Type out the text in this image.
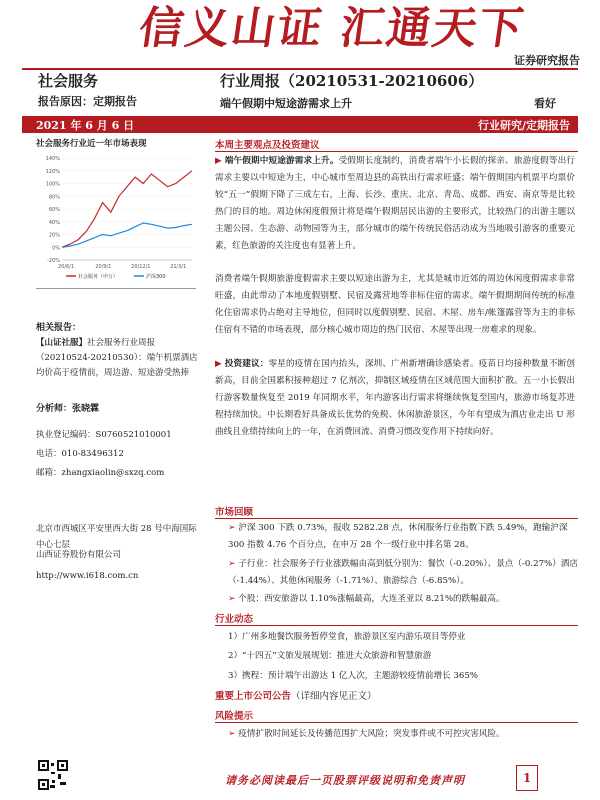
信义山证 汇通天下
证券研究报告
社会服务	行业周报（20210531-20210606）
报告原因：定期报告	端午假期中短途游需求上升	看好
2021 年 6 月 6 日	行业研究/定期报告
社会服务行业近一年市场表现
-20%
0%
20%
40%
60%
80%
100%
120%
140%
20/6/1	20/9/1	20/12/1	21/3/1
社会服务（申万）	沪深300
相关报告：
【山证社服】社会服务行业周报（20210524-20210530）：端午机票酒店均价高于疫情前，周边游、短途游受热捧
分析师：张晓霖
执业登记编码：S0760521010001
电话：010-83496312
邮箱：zhangxiaolin@sxzq.com
北京市西城区平安里西大街 28 号中海国际中心七层
山西证券股份有限公司
http://www.i618.com.cn
本周主要观点及投资建议
▶ 端午假期中短途游需求上升。受假期长度制约，消费者端午小长假的探亲、旅游度假等出行需求主要以中短途为主，中心城市至周边县的高铁出行需求旺盛；端午假期国内机票平均票价较“五一”假期下降了三成左右，上海、长沙、重庆、北京、青岛、成都、西安、南京等是比较热门的目的地。周边休闲度假预计将是端午假期居民出游的主要形式，比较热门的出游主题以主题公园、生态游、动物园等为主，部分城市的端午传统民俗活动成为当地吸引游客的重要元素，红色旅游的关注度也有显著上升。
消费者端午假期旅游度假需求主要以短途出游为主，尤其是城市近郊的周边休闲度假需求非常旺盛，由此带动了本地度假别墅、民宿及露营地等非标住宿的需求。端午假期期间传统的标准化住宿需求仍占绝对主导地位，但同时以度假别墅、民宿、木屋、房车/帐篷露营等为主的非标住宿有不错的市场表现，部分核心城市周边的热门民宿、木屋等出现一房难求的现象。
▶ 投资建议：零星的疫情在国内抬头，深圳、广州新增确诊感染者。疫苗日均接种数量不断创新高，目前全国累积接种超过 7 亿剂次，抑制区域疫情在区域范围大面积扩散。五一小长假出行游客数量恢复至 2019 年同期水平，年内游客出行需求将继续恢复至国内，旅游市场复苏进程持续加快。中长期看好具备成长优势的免税、休闲旅游景区，今年有望成为酒店业走出 U 形曲线且业绩持续向上的一年，在消费回流、消费习惯改变作用下持续向好。
市场回顾
➢ 沪深 300 下跌 0.73%，报收 5282.28 点，休闲服务行业指数下跌 5.49%，跑输沪深 300 指数 4.76 个百分点，在申万 28 个一级行业中排名第 28。
➢ 子行业：社会服务子行业涨跌幅由高到低分别为：餐饮（-0.20%）、景点（-0.27%）酒店（-1.44%）、其他休闲服务（-1.71%）、旅游综合（-6.85%）。
➢ 个股：西安旅游以 1.10%涨幅最高，大连圣亚以 8.21%的跌幅最高。
行业动态
1）广州多地餐饮服务暂停堂食，旅游景区室内游乐项目等停业
2）“十四五”文旅发展规划：推进大众旅游和智慧旅游
3）携程：预计端午出游达 1 亿人次，主题游较疫情前增长 365%
重要上市公司公告（详细内容见正文）
风险提示
➢ 疫情扩散时间延长及传播范围扩大风险；突发事件或不可控灾害风险。
请务必阅读最后一页股票评级说明和免责声明	1
